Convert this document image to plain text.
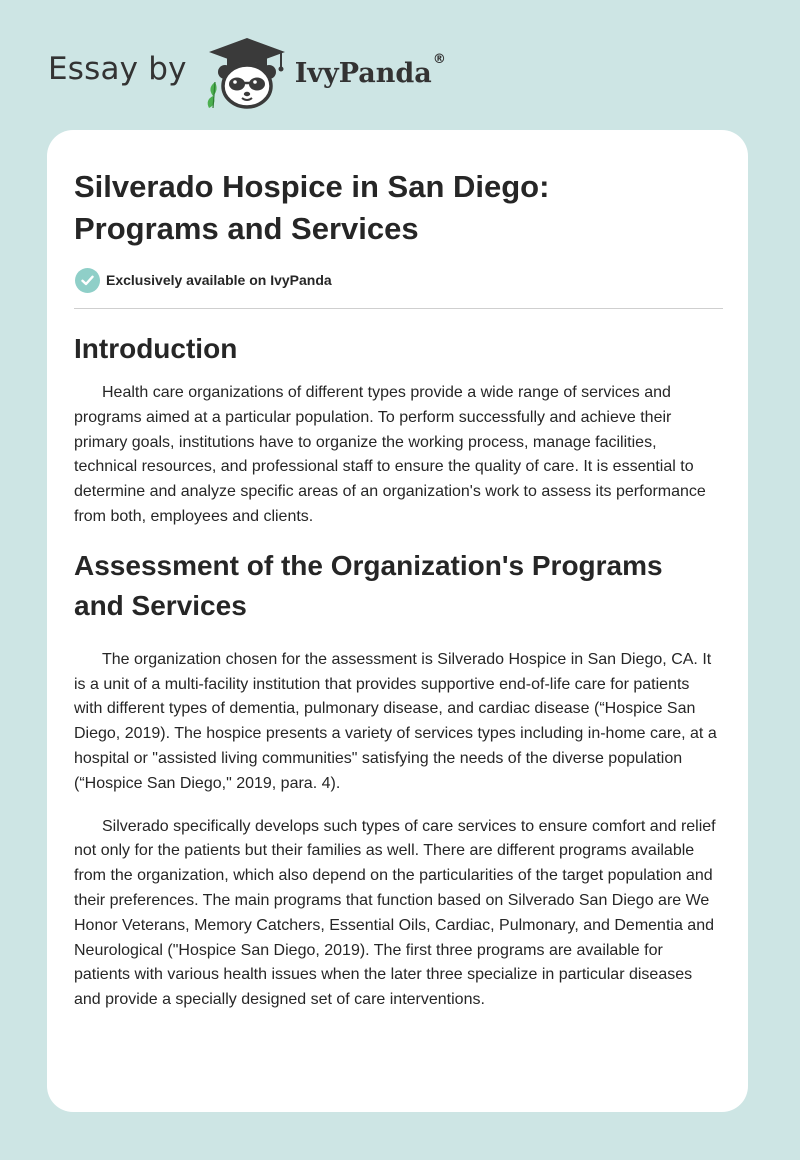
Essay by	IvyPanda®
Silverado Hospice in San Diego:
Programs and Services
Exclusively available on IvyPanda
Introduction

Health care organizations of different types provide a wide range of services and programs aimed at a particular population. To perform successfully and achieve their primary goals, institutions have to organize the working process, manage facilities, technical resources, and professional staff to ensure the quality of care. It is essential to determine and analyze specific areas of an organization's work to assess its performance from both, employees and clients.

Assessment of the Organization's Programs
and Services

The organization chosen for the assessment is Silverado Hospice in San Diego, CA. It is a unit of a multi-facility institution that provides supportive end-of-life care for patients with different types of dementia, pulmonary disease, and cardiac disease (“Hospice San Diego, 2019). The hospice presents a variety of services types including in-home care, at a hospital or "assisted living communities" satisfying the needs of the diverse population (“Hospice San Diego," 2019, para. 4).

Silverado specifically develops such types of care services to ensure comfort and relief not only for the patients but their families as well. There are different programs available from the organization, which also depend on the particularities of the target population and their preferences. The main programs that function based on Silverado San Diego are We Honor Veterans, Memory Catchers, Essential Oils, Cardiac, Pulmonary, and Dementia and Neurological ("Hospice San Diego, 2019). The first three programs are available for patients with various health issues when the later three specialize in particular diseases and provide a specially designed set of care interventions.
